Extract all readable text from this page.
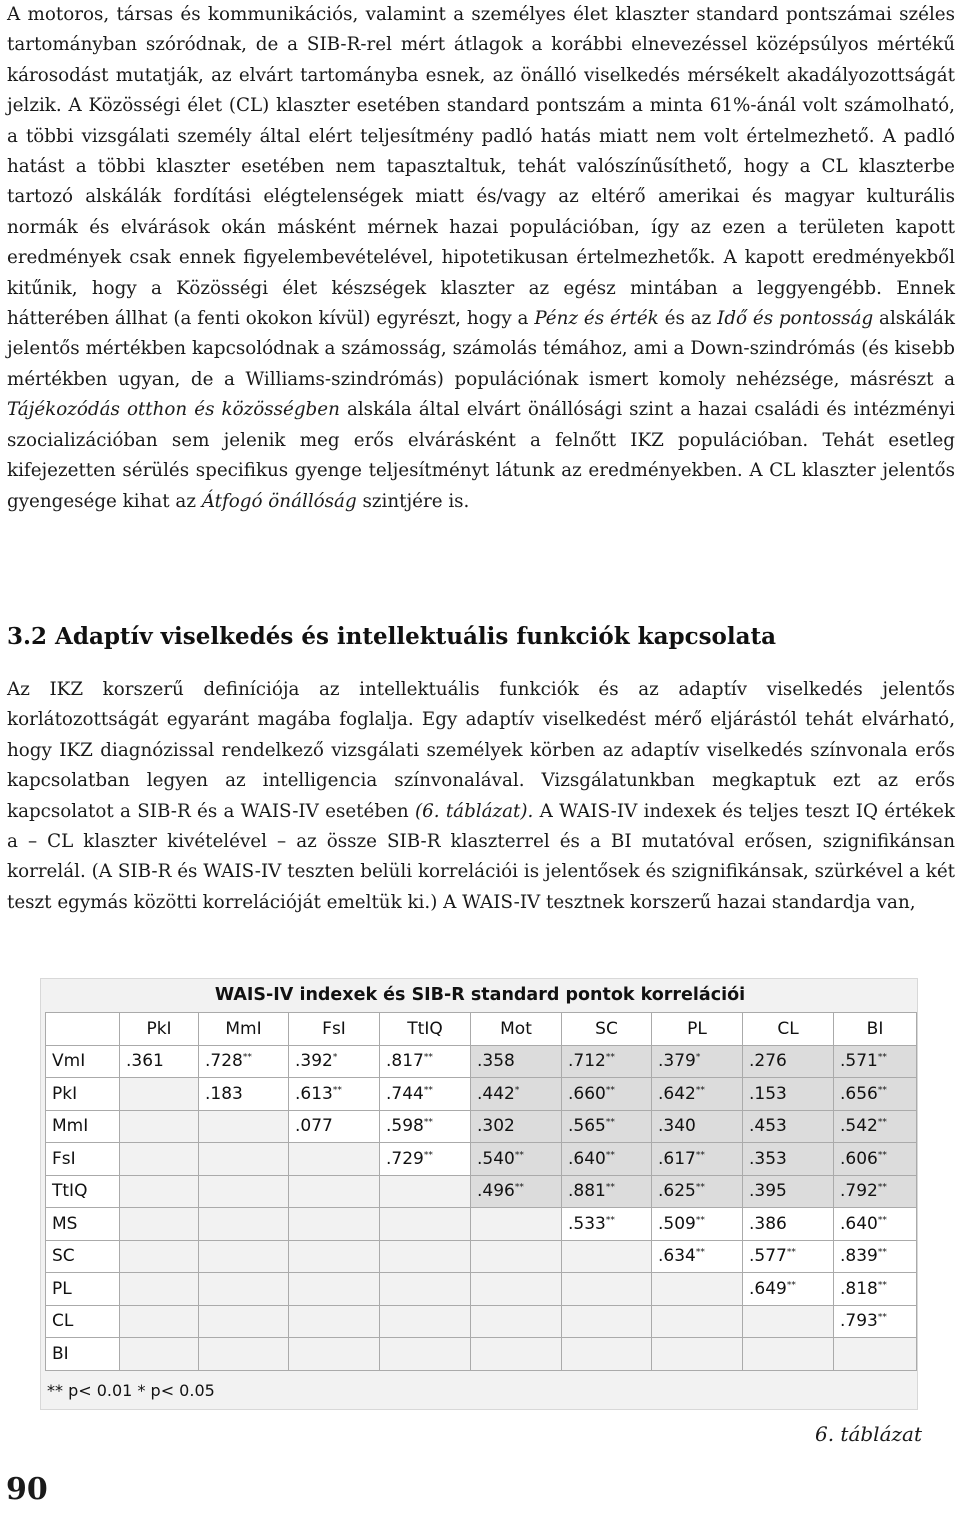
A motoros, társas és kommunikációs, valamint a személyes élet klaszter standard pontszámai széles tartományban szóródnak, de a SIB-R-rel mért átlagok a korábbi elnevezéssel középsúlyos mértékű károsodást mutatják, az elvárt tartományba esnek, az önálló viselkedés mérsékelt akadályozottságát jelzik. A Közösségi élet (CL) klaszter esetében standard pontszám a minta 61%-ánál volt számolható, a többi vizsgálati személy által elért teljesítmény padló hatás miatt nem volt értelmezhető. A padló hatást a többi klaszter esetében nem tapasztaltuk, tehát valószínűsíthető, hogy a CL klaszterbe tartozó alskálák fordítási elégtelenségek miatt és/vagy az eltérő amerikai és magyar kulturális normák és elvárások okán másként mérnek hazai populációban, így az ezen a területen kapott eredmények csak ennek figyelembevételével, hipotetikusan értelmezhetők. A kapott eredményekből kitűnik, hogy a Közösségi élet készségek klaszter az egész mintában a leggyengébb. Ennek hátterében állhat (a fenti okokon kívül) egyrészt, hogy a Pénz és érték és az Idő és pontosság alskálák jelentős mértékben kapcsolódnak a számosság, számolás témához, ami a Down-szindrómás (és kisebb mértékben ugyan, de a Williams-szindrómás) populációnak ismert komoly nehézsége, másrészt a Tájékozódás otthon és közösségben alskála által elvárt önállósági szint a hazai családi és intézményi szocializációban sem jelenik meg erős elvárásként a felnőtt IKZ populációban. Tehát esetleg kifejezetten sérülés specifikus gyenge teljesítményt látunk az eredményekben. A CL klaszter jelentős gyengesége kihat az Átfogó önállóság szintjére is.

3.2 Adaptív viselkedés és intellektuális funkciók kapcsolata

Az IKZ korszerű definíciója az intellektuális funkciók és az adaptív viselkedés jelentős korlátozottságát egyaránt magába foglalja. Egy adaptív viselkedést mérő eljárástól tehát elvárható, hogy IKZ diagnózissal rendelkező vizsgálati személyek körben az adaptív viselkedés színvonala erős kapcsolatban legyen az intelligencia színvonalával. Vizsgálatunkban megkaptuk ezt az erős kapcsolatot a SIB-R és a WAIS-IV esetében (6. táblázat). A WAIS-IV indexek és teljes teszt IQ értékek a – CL klaszter kivételével – az össze SIB-R klaszterrel és a BI mutatóval erősen, szignifikánsan korrelál. (A SIB-R és WAIS-IV teszten belüli korrelációi is jelentősek és szignifikánsak, szürkével a két teszt egymás közötti korrelációját emeltük ki.) A WAIS-IV tesztnek korszerű hazai standardja van,

WAIS-IV indexek és SIB-R standard pontok korrelációi
	PkI	MmI	FsI	TtIQ	Mot	SC	PL	CL	BI
VmI	.361	.728**	.392*	.817**	.358	.712**	.379*	.276	.571**
PkI		.183	.613**	.744**	.442*	.660**	.642**	.153	.656**
MmI			.077	.598**	.302	.565**	.340	.453	.542**
FsI				.729**	.540**	.640**	.617**	.353	.606**
TtIQ					.496**	.881**	.625**	.395	.792**
MS						.533**	.509**	.386	.640**
SC							.634**	.577**	.839**
PL								.649**	.818**
CL									.793**
BI									
** p< 0.01 * p< 0.05

6. táblázat

90
